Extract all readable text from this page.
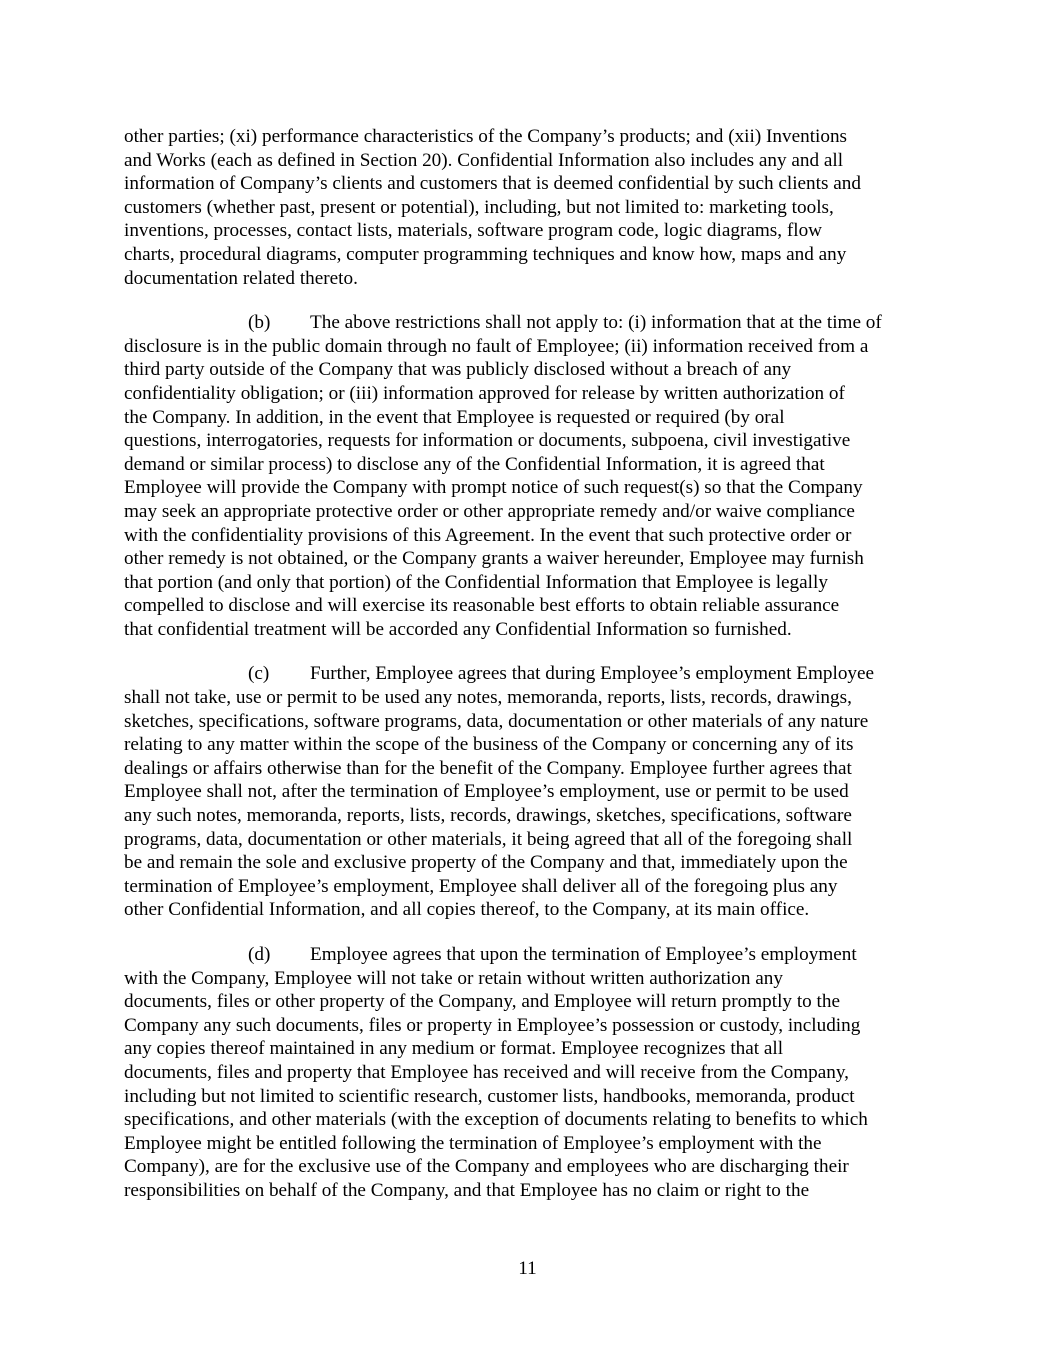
other parties; (xi) performance characteristics of the Company’s products; and (xii) Inventions
and Works (each as defined in Section 20). Confidential Information also includes any and all
information of Company’s clients and customers that is deemed confidential by such clients and
customers (whether past, present or potential), including, but not limited to: marketing tools,
inventions, processes, contact lists, materials, software program code, logic diagrams, flow
charts, procedural diagrams, computer programming techniques and know how, maps and any
documentation related thereto.

(b) The above restrictions shall not apply to: (i) information that at the time of
disclosure is in the public domain through no fault of Employee; (ii) information received from a
third party outside of the Company that was publicly disclosed without a breach of any
confidentiality obligation; or (iii) information approved for release by written authorization of
the Company. In addition, in the event that Employee is requested or required (by oral
questions, interrogatories, requests for information or documents, subpoena, civil investigative
demand or similar process) to disclose any of the Confidential Information, it is agreed that
Employee will provide the Company with prompt notice of such request(s) so that the Company
may seek an appropriate protective order or other appropriate remedy and/or waive compliance
with the confidentiality provisions of this Agreement. In the event that such protective order or
other remedy is not obtained, or the Company grants a waiver hereunder, Employee may furnish
that portion (and only that portion) of the Confidential Information that Employee is legally
compelled to disclose and will exercise its reasonable best efforts to obtain reliable assurance
that confidential treatment will be accorded any Confidential Information so furnished.

(c) Further, Employee agrees that during Employee’s employment Employee
shall not take, use or permit to be used any notes, memoranda, reports, lists, records, drawings,
sketches, specifications, software programs, data, documentation or other materials of any nature
relating to any matter within the scope of the business of the Company or concerning any of its
dealings or affairs otherwise than for the benefit of the Company. Employee further agrees that
Employee shall not, after the termination of Employee’s employment, use or permit to be used
any such notes, memoranda, reports, lists, records, drawings, sketches, specifications, software
programs, data, documentation or other materials, it being agreed that all of the foregoing shall
be and remain the sole and exclusive property of the Company and that, immediately upon the
termination of Employee’s employment, Employee shall deliver all of the foregoing plus any
other Confidential Information, and all copies thereof, to the Company, at its main office.

(d) Employee agrees that upon the termination of Employee’s employment
with the Company, Employee will not take or retain without written authorization any
documents, files or other property of the Company, and Employee will return promptly to the
Company any such documents, files or property in Employee’s possession or custody, including
any copies thereof maintained in any medium or format. Employee recognizes that all
documents, files and property that Employee has received and will receive from the Company,
including but not limited to scientific research, customer lists, handbooks, memoranda, product
specifications, and other materials (with the exception of documents relating to benefits to which
Employee might be entitled following the termination of Employee’s employment with the
Company), are for the exclusive use of the Company and employees who are discharging their
responsibilities on behalf of the Company, and that Employee has no claim or right to the

11
